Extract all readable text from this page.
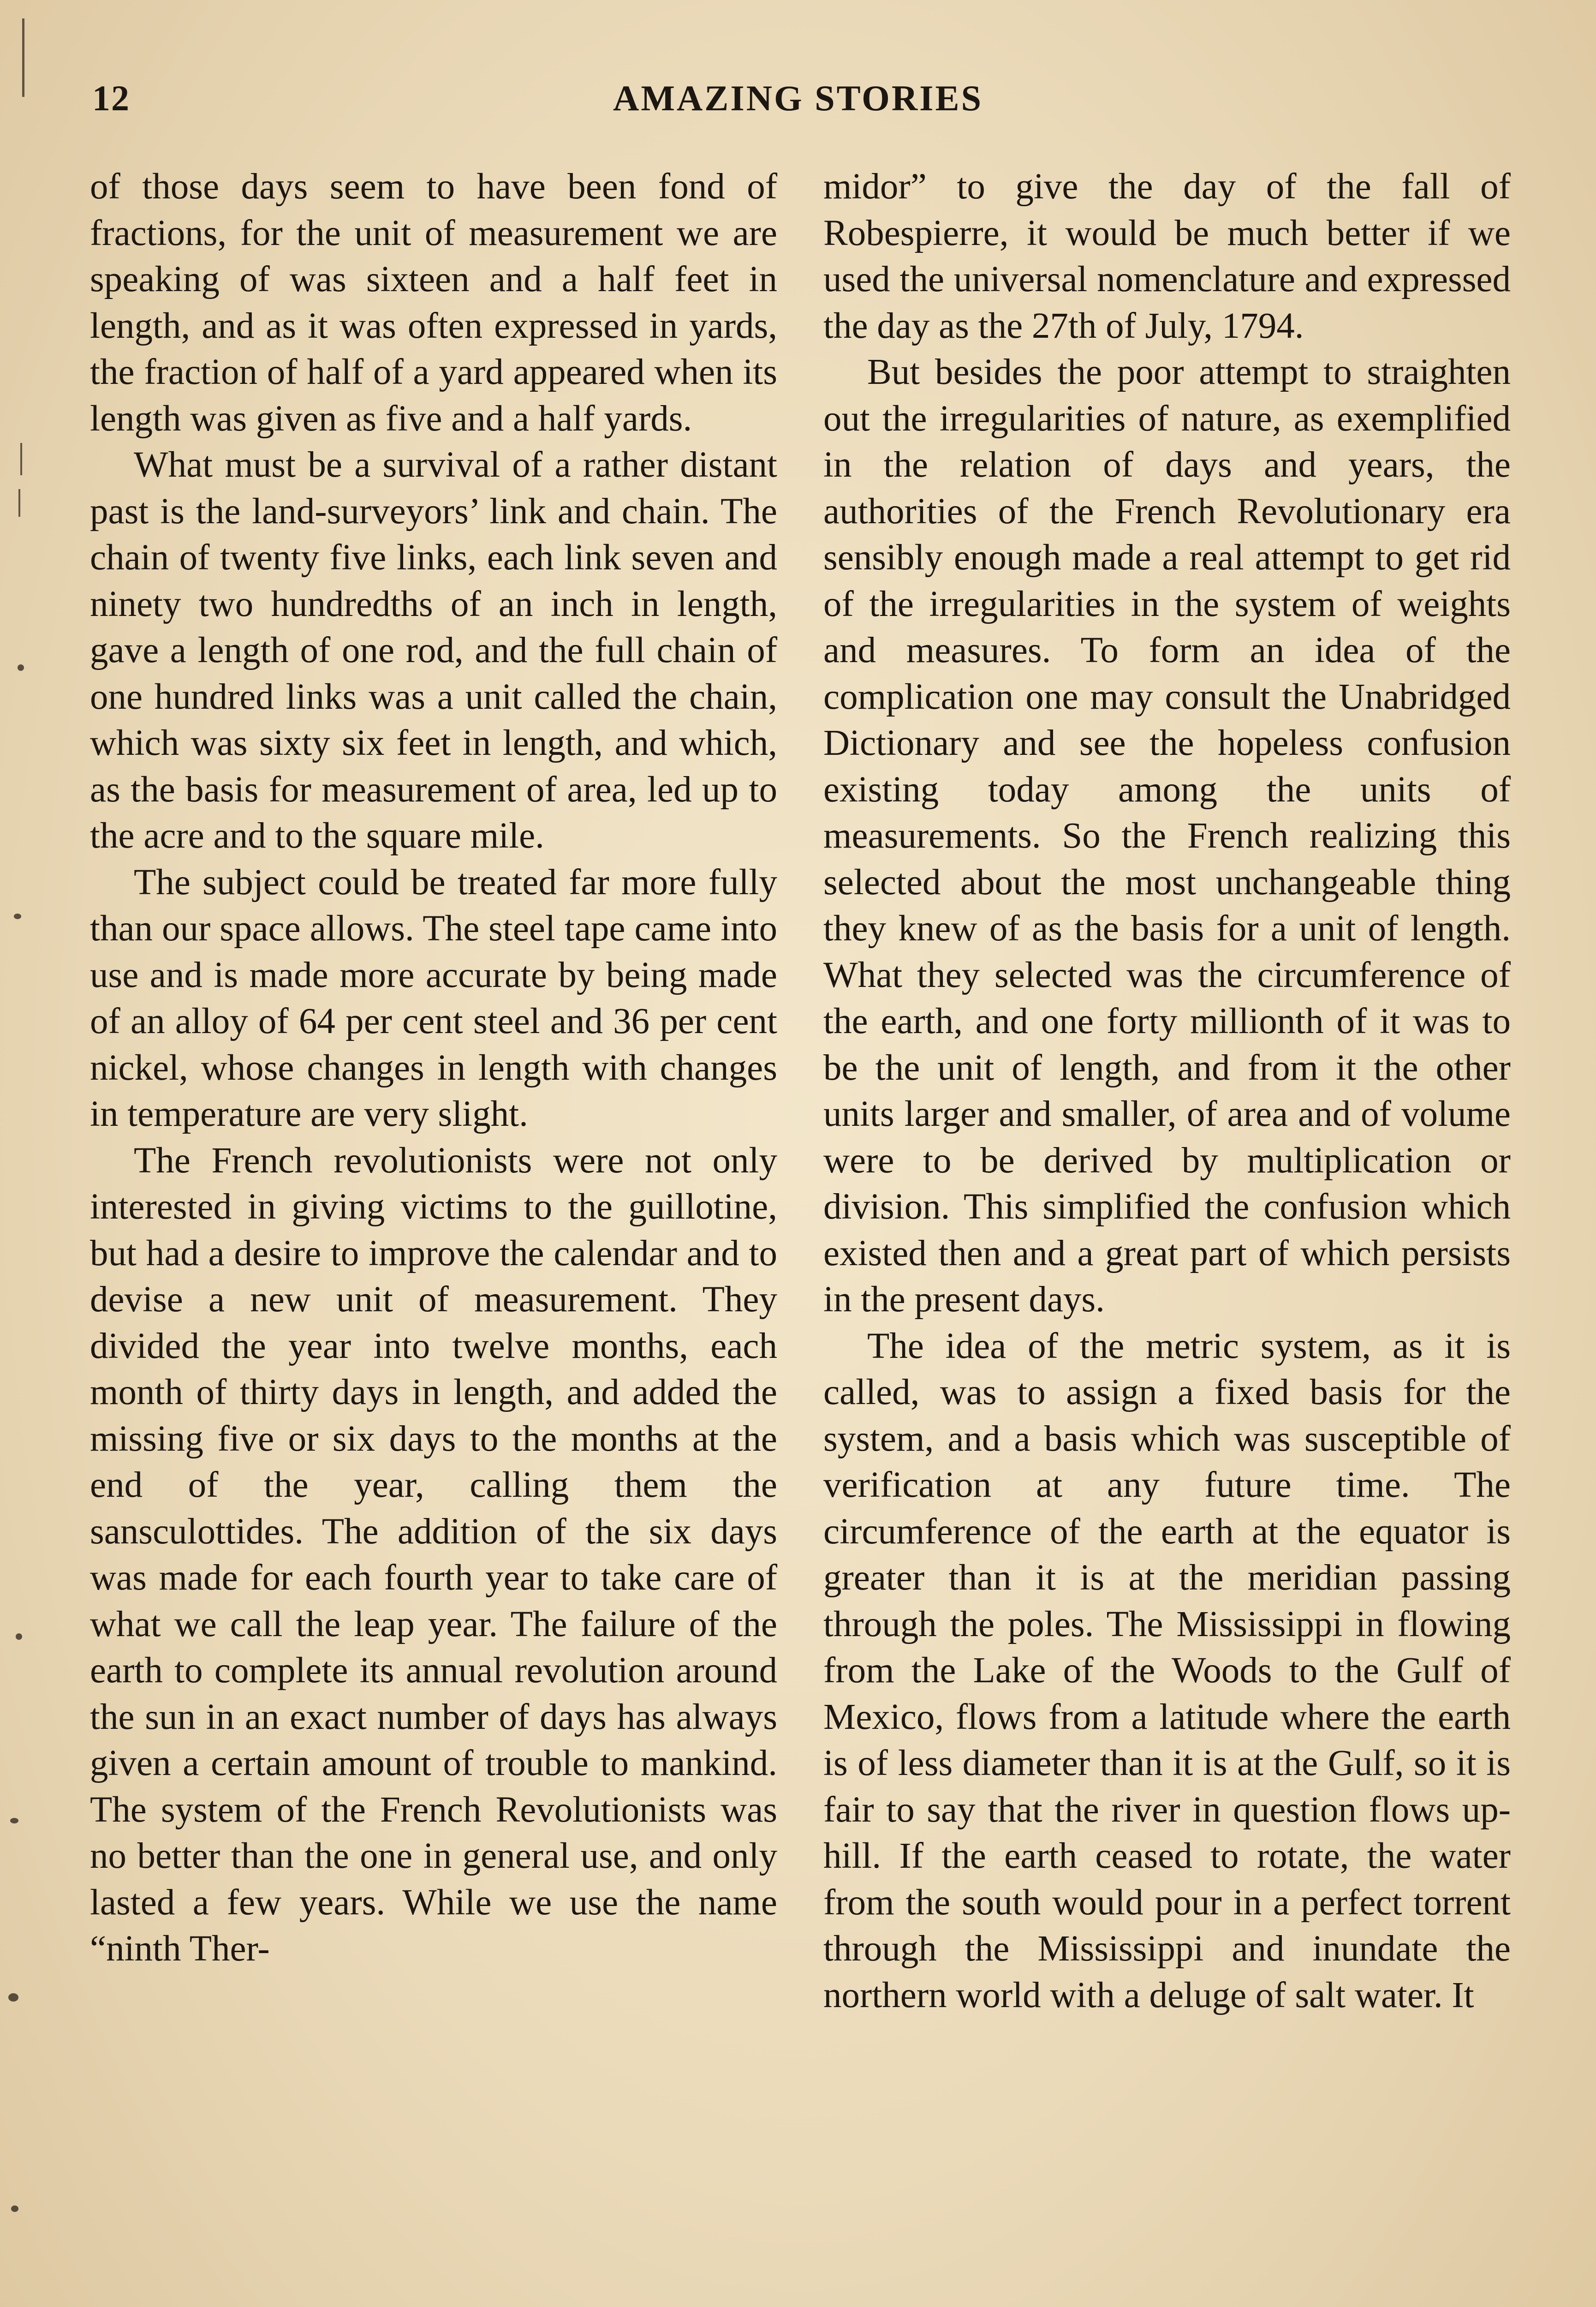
12	AMAZING STORIES

of those days seem to have been fond of fractions, for the unit of measurement we are speaking of was sixteen and a half feet in length, and as it was often expressed in yards, the fraction of half of a yard appeared when its length was given as five and a half yards.

What must be a survival of a rather distant past is the land-surveyors’ link and chain. The chain of twenty five links, each link seven and ninety two hundredths of an inch in length, gave a length of one rod, and the full chain of one hundred links was a unit called the chain, which was sixty six feet in length, and which, as the basis for measurement of area, led up to the acre and to the square mile.

The subject could be treated far more fully than our space allows. The steel tape came into use and is made more accurate by being made of an alloy of 64 per cent steel and 36 per cent nickel, whose changes in length with changes in temperature are very slight.

The French revolutionists were not only interested in giving victims to the guillotine, but had a desire to improve the calendar and to devise a new unit of measurement. They divided the year into twelve months, each month of thirty days in length, and added the missing five or six days to the months at the end of the year, calling them the sansculottides. The addition of the six days was made for each fourth year to take care of what we call the leap year. The failure of the earth to complete its annual revolution around the sun in an exact number of days has always given a certain amount of trouble to mankind. The system of the French Revolutionists was no better than the one in general use, and only lasted a few years. While we use the name “ninth Ther-

midor” to give the day of the fall of Robespierre, it would be much better if we used the universal nomenclature and expressed the day as the 27th of July, 1794.

But besides the poor attempt to straighten out the irregularities of nature, as exemplified in the relation of days and years, the authorities of the French Revolutionary era sensibly enough made a real attempt to get rid of the irregularities in the system of weights and measures. To form an idea of the complication one may consult the Unabridged Dictionary and see the hopeless confusion existing today among the units of measurements. So the French realizing this selected about the most unchangeable thing they knew of as the basis for a unit of length. What they selected was the circumference of the earth, and one forty millionth of it was to be the unit of length, and from it the other units larger and smaller, of area and of volume were to be derived by multiplication or division. This simplified the confusion which existed then and a great part of which persists in the present days.

The idea of the metric system, as it is called, was to assign a fixed basis for the system, and a basis which was susceptible of verification at any future time. The circumference of the earth at the equator is greater than it is at the meridian passing through the poles. The Mississippi in flowing from the Lake of the Woods to the Gulf of Mexico, flows from a latitude where the earth is of less diameter than it is at the Gulf, so it is fair to say that the river in question flows up-hill. If the earth ceased to rotate, the water from the south would pour in a perfect torrent through the Mississippi and inundate the northern world with a deluge of salt water. It
